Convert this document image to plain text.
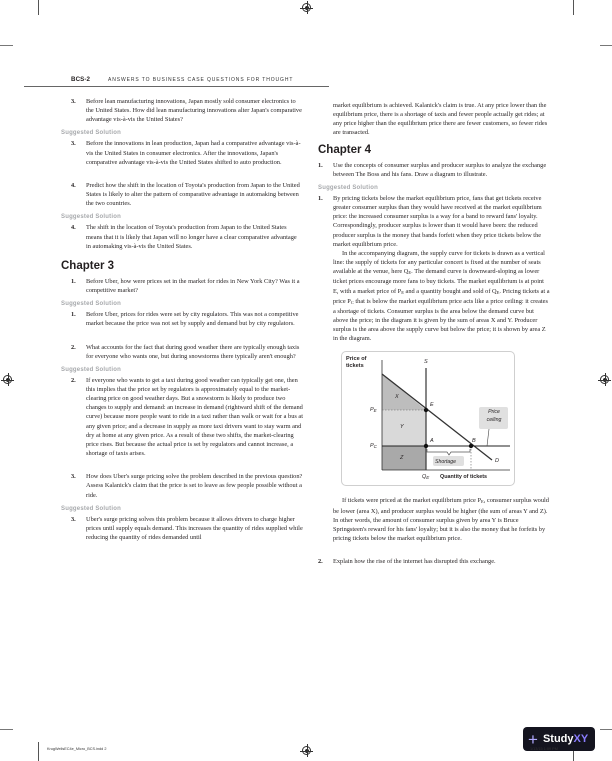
BCS-2	ANSWERS TO BUSINESS CASE QUESTIONS FOR THOUGHT
3. Before lean manufacturing innovations, Japan mostly sold consumer electronics to the United States. How did lean manufacturing innovations alter Japan's comparative advantage vis-à-vis the United States?
Suggested Solution
3. Before the innovations in lean production, Japan had a comparative advantage vis-à-vis the United States in consumer electronics. After the innovations, Japan's comparative advantage vis-à-vis the United States shifted to auto production.
4. Predict how the shift in the location of Toyota's production from Japan to the United States is likely to alter the pattern of comparative advantage in automaking between the two countries.
Suggested Solution
4. The shift in the location of Toyota's production from Japan to the United States means that it is likely that Japan will no longer have a clear comparative advantage in automaking vis-à-vis the United States.
Chapter 3
1. Before Uber, how were prices set in the market for rides in New York City? Was it a competitive market?
Suggested Solution
1. Before Uber, prices for rides were set by city regulators. This was not a competitive market because the price was not set by supply and demand but by city regulators.
2. What accounts for the fact that during good weather there are typically enough taxis for everyone who wants one, but during snowstorms there typically aren't enough?
Suggested Solution
2. If everyone who wants to get a taxi during good weather can typically get one, then this implies that the price set by regulators is approximately equal to the market-clearing price on good weather days. But a snowstorm is likely to produce two changes to supply and demand: an increase in demand (rightward shift of the demand curve) because more people want to ride in a taxi rather than walk or wait for a bus at any given price; and a decrease in supply as more taxi drivers want to stay warm and dry at home at any given price. As a result of these two shifts, the market-clearing price rises. But because the actual price is set by regulators and cannot increase, a shortage of taxis arises.
3. How does Uber's surge pricing solve the problem described in the previous question? Assess Kalanick's claim that the price is set to leave as few people possible without a ride.
Suggested Solution
3. Uber's surge pricing solves this problem because it allows drivers to charge higher prices until supply equals demand. This increases the quantity of rides supplied while reducing the quantity of rides demanded until
market equilibrium is achieved. Kalanick's claim is true. At any price lower than the equilibrium price, there is a shortage of taxis and fewer people actually get rides; at any price higher than the equilibrium price there are fewer customers, so fewer rides are transacted.
Chapter 4
1. Use the concepts of consumer surplus and producer surplus to analyze the exchange between The Boss and his fans. Draw a diagram to illustrate.
Suggested Solution
1. By pricing tickets below the market equilibrium price, fans that get tickets receive greater consumer surplus than they would have received at the market equilibrium price: the increased consumer surplus is a way for a band to reward fans' loyalty. Correspondingly, producer surplus is lower than it would have been: the reduced producer surplus is the money that bands forfeit when they price tickets below the market equilibrium price.
In the accompanying diagram, the supply curve for tickets is drawn as a vertical line: the supply of tickets for any particular concert is fixed at the number of seats available at the venue, here $Q_E$. The demand curve is downward-sloping as lower ticket prices encourage more fans to buy tickets. The market equilibrium is at point E, with a market price of $P_E$ and a quantity bought and sold of $Q_E$. Pricing tickets at a price $P_C$ that is below the market equilibrium price acts like a price ceiling: it creates a shortage of tickets. Consumer surplus is the area below the demand curve but above the price; in the diagram it is given by the sum of areas X and Y. Producer surplus is the area above the supply curve but below the price; it is shown by area Z in the diagram.
Price of
tickets
Quantity of tickets
S
D
$P_E$
$P_C$
$Q_E$
E
A	B
X
Y
Z
Shortage
Price
ceiling
If tickets were priced at the market equilibrium price $P_E$, consumer surplus would be lower (area X), and producer surplus would be higher (the sum of areas Y and Z). In other words, the amount of consumer surplus given by area Y is Bruce Springsteen's reward for his fans' loyalty; but it is also the money that he forfeits by pricing tickets below the market equilibrium price.
2. Explain how the rise of the internet has disrupted this exchange.
+ StudyXY
KrugWellsEC4e_Micro_BCS.indd 2	1/13/15 1:09 PM
